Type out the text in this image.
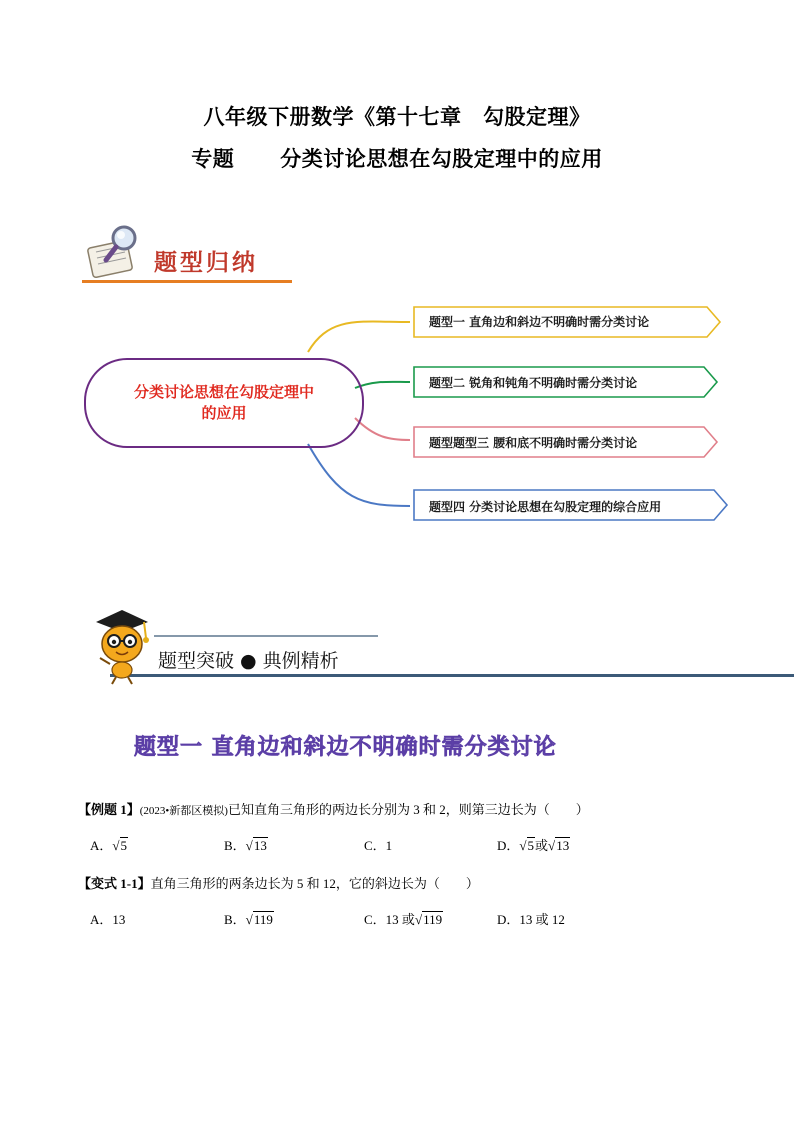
八年级下册数学《第十七章　勾股定理》
专题 分类讨论思想在勾股定理中的应用
题型归纳
题型一 直角边和斜边不明确时需分类讨论
题型二 锐角和钝角不明确时需分类讨论
题型题型三 腰和底不明确时需分类讨论
题型四 分类讨论思想在勾股定理的综合应用
分类讨论思想在勾股定理中的应用
题型突破 ● 典例精析
题型一 直角边和斜边不明确时需分类讨论
【例题 1】(2023•新都区模拟)已知直角三角形的两边长分别为 3 和 2，则第三边长为（　　）
A．√5	B．√13	C．1	D．√5或√13
【变式 1-1】直角三角形的两条边长为 5 和 12，它的斜边长为（　　）
A．13	B．√119	C．13 或√119	D．13 或 12
